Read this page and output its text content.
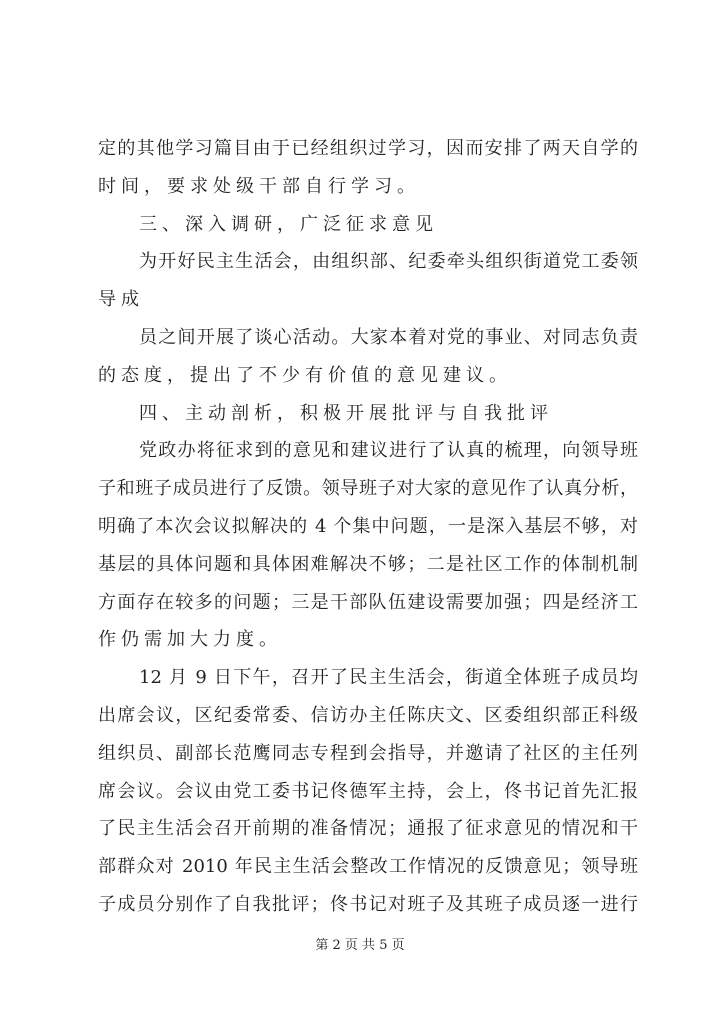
定的其他学习篇目由于已经组织过学习，因而安排了两天自学的
时间，要求处级干部自行学习。
三、深入调研，广泛征求意见
为开好民主生活会，由组织部、纪委牵头组织街道党工委领
导成
员之间开展了谈心活动。大家本着对党的事业、对同志负责
的态度，提出了不少有价值的意见建议。
四、主动剖析，积极开展批评与自我批评
党政办将征求到的意见和建议进行了认真的梳理，向领导班
子和班子成员进行了反馈。领导班子对大家的意见作了认真分析，
明确了本次会议拟解决的 4 个集中问题，一是深入基层不够，对
基层的具体问题和具体困难解决不够；二是社区工作的体制机制
方面存在较多的问题；三是干部队伍建设需要加强；四是经济工
作仍需加大力度。
12 月 9 日下午，召开了民主生活会，街道全体班子成员均
出席会议，区纪委常委、信访办主任陈庆文、区委组织部正科级
组织员、副部长范鹰同志专程到会指导，并邀请了社区的主任列
席会议。会议由党工委书记佟德军主持，会上，佟书记首先汇报
了民主生活会召开前期的准备情况；通报了征求意见的情况和干
部群众对 2010 年民主生活会整改工作情况的反馈意见；领导班
子成员分别作了自我批评；佟书记对班子及其班子成员逐一进行
第 2 页 共 5 页
